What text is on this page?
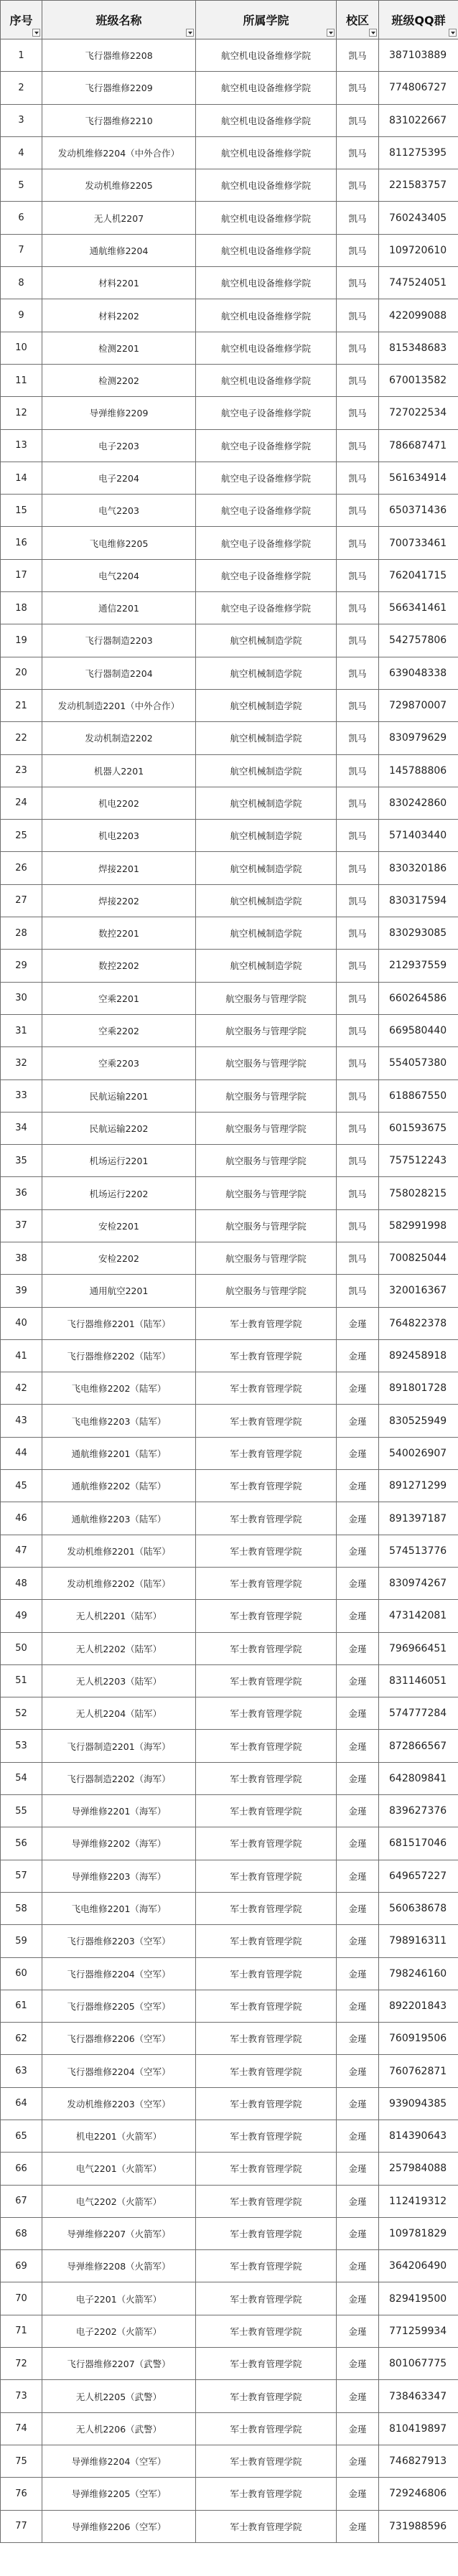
序号	班级名称	所属学院	校区	班级QQ群

1	飞行器维修2208	航空机电设备维修学院	凯马	387103889
2	飞行器维修2209	航空机电设备维修学院	凯马	774806727
3	飞行器维修2210	航空机电设备维修学院	凯马	831022667
4	发动机维修2204（中外合作）	航空机电设备维修学院	凯马	811275395
5	发动机维修2205	航空机电设备维修学院	凯马	221583757
6	无人机2207	航空机电设备维修学院	凯马	760243405
7	通航维修2204	航空机电设备维修学院	凯马	109720610
8	材料2201	航空机电设备维修学院	凯马	747524051
9	材料2202	航空机电设备维修学院	凯马	422099088
10	检测2201	航空机电设备维修学院	凯马	815348683
11	检测2202	航空机电设备维修学院	凯马	670013582
12	导弹维修2209	航空电子设备维修学院	凯马	727022534
13	电子2203	航空电子设备维修学院	凯马	786687471
14	电子2204	航空电子设备维修学院	凯马	561634914
15	电气2203	航空电子设备维修学院	凯马	650371436
16	飞电维修2205	航空电子设备维修学院	凯马	700733461
17	电气2204	航空电子设备维修学院	凯马	762041715
18	通信2201	航空电子设备维修学院	凯马	566341461
19	飞行器制造2203	航空机械制造学院	凯马	542757806
20	飞行器制造2204	航空机械制造学院	凯马	639048338
21	发动机制造2201（中外合作）	航空机械制造学院	凯马	729870007
22	发动机制造2202	航空机械制造学院	凯马	830979629
23	机器人2201	航空机械制造学院	凯马	145788806
24	机电2202	航空机械制造学院	凯马	830242860
25	机电2203	航空机械制造学院	凯马	571403440
26	焊接2201	航空机械制造学院	凯马	830320186
27	焊接2202	航空机械制造学院	凯马	830317594
28	数控2201	航空机械制造学院	凯马	830293085
29	数控2202	航空机械制造学院	凯马	212937559
30	空乘2201	航空服务与管理学院	凯马	660264586
31	空乘2202	航空服务与管理学院	凯马	669580440
32	空乘2203	航空服务与管理学院	凯马	554057380
33	民航运输2201	航空服务与管理学院	凯马	618867550
34	民航运输2202	航空服务与管理学院	凯马	601593675
35	机场运行2201	航空服务与管理学院	凯马	757512243
36	机场运行2202	航空服务与管理学院	凯马	758028215
37	安检2201	航空服务与管理学院	凯马	582991998
38	安检2202	航空服务与管理学院	凯马	700825044
39	通用航空2201	航空服务与管理学院	凯马	320016367
40	飞行器维修2201（陆军）	军士教育管理学院	金瑾	764822378
41	飞行器维修2202（陆军）	军士教育管理学院	金瑾	892458918
42	飞电维修2202（陆军）	军士教育管理学院	金瑾	891801728
43	飞电维修2203（陆军）	军士教育管理学院	金瑾	830525949
44	通航维修2201（陆军）	军士教育管理学院	金瑾	540026907
45	通航维修2202（陆军）	军士教育管理学院	金瑾	891271299
46	通航维修2203（陆军）	军士教育管理学院	金瑾	891397187
47	发动机维修2201（陆军）	军士教育管理学院	金瑾	574513776
48	发动机维修2202（陆军）	军士教育管理学院	金瑾	830974267
49	无人机2201（陆军）	军士教育管理学院	金瑾	473142081
50	无人机2202（陆军）	军士教育管理学院	金瑾	796966451
51	无人机2203（陆军）	军士教育管理学院	金瑾	831146051
52	无人机2204（陆军）	军士教育管理学院	金瑾	574777284
53	飞行器制造2201（海军）	军士教育管理学院	金瑾	872866567
54	飞行器制造2202（海军）	军士教育管理学院	金瑾	642809841
55	导弹维修2201（海军）	军士教育管理学院	金瑾	839627376
56	导弹维修2202（海军）	军士教育管理学院	金瑾	681517046
57	导弹维修2203（海军）	军士教育管理学院	金瑾	649657227
58	飞电维修2201（海军）	军士教育管理学院	金瑾	560638678
59	飞行器维修2203（空军）	军士教育管理学院	金瑾	798916311
60	飞行器维修2204（空军）	军士教育管理学院	金瑾	798246160
61	飞行器维修2205（空军）	军士教育管理学院	金瑾	892201843
62	飞行器维修2206（空军）	军士教育管理学院	金瑾	760919506
63	飞行器维修2204（空军）	军士教育管理学院	金瑾	760762871
64	发动机维修2203（空军）	军士教育管理学院	金瑾	939094385
65	机电2201（火箭军）	军士教育管理学院	金瑾	814390643
66	电气2201（火箭军）	军士教育管理学院	金瑾	257984088
67	电气2202（火箭军）	军士教育管理学院	金瑾	112419312
68	导弹维修2207（火箭军）	军士教育管理学院	金瑾	109781829
69	导弹维修2208（火箭军）	军士教育管理学院	金瑾	364206490
70	电子2201（火箭军）	军士教育管理学院	金瑾	829419500
71	电子2202（火箭军）	军士教育管理学院	金瑾	771259934
72	飞行器维修2207（武警）	军士教育管理学院	金瑾	801067775
73	无人机2205（武警）	军士教育管理学院	金瑾	738463347
74	无人机2206（武警）	军士教育管理学院	金瑾	810419897
75	导弹维修2204（空军）	军士教育管理学院	金瑾	746827913
76	导弹维修2205（空军）	军士教育管理学院	金瑾	729246806
77	导弹维修2206（空军）	军士教育管理学院	金瑾	731988596
